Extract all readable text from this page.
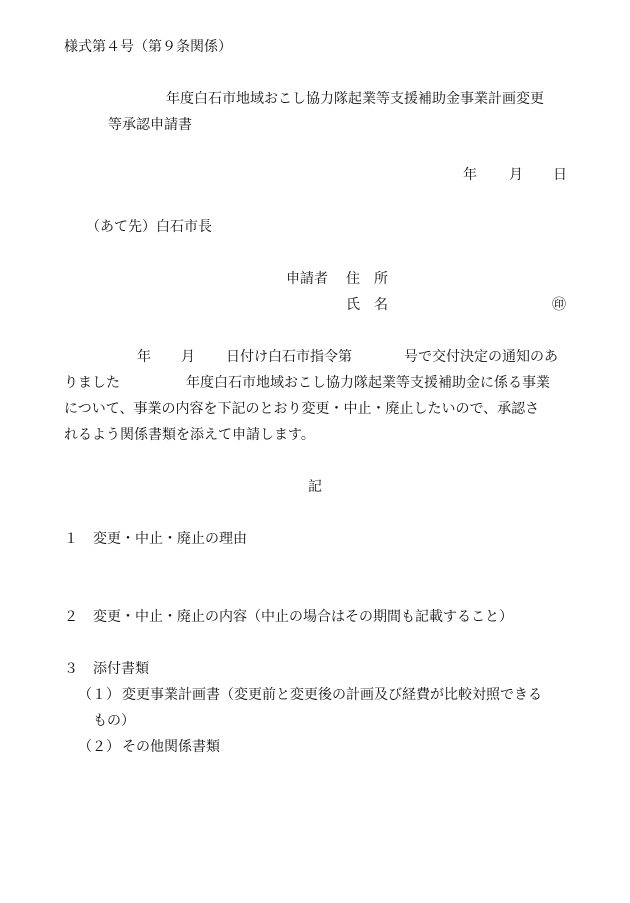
様式第４号（第９条関係）
年度白石市地域おこし協力隊起業等支援補助金事業計画変更
等承認申請書
年 月 日
（あて先）白石市長
申請者 住　所
氏　名	㊞
年 月 日付け白石市指令第	号で交付決定の通知のあ
りました	年度白石市地域おこし協力隊起業等支援補助金に係る事業
について、事業の内容を下記のとおり変更・中止・廃止したいので、承認さ
れるよう関係書類を添えて申請します。
記
１ 変更・中止・廃止の理由
２ 変更・中止・廃止の内容（中止の場合はその期間も記載すること）
３ 添付書類
（１） 変更事業計画書（変更前と変更後の計画及び経費が比較対照できる
もの）
（２） その他関係書類
